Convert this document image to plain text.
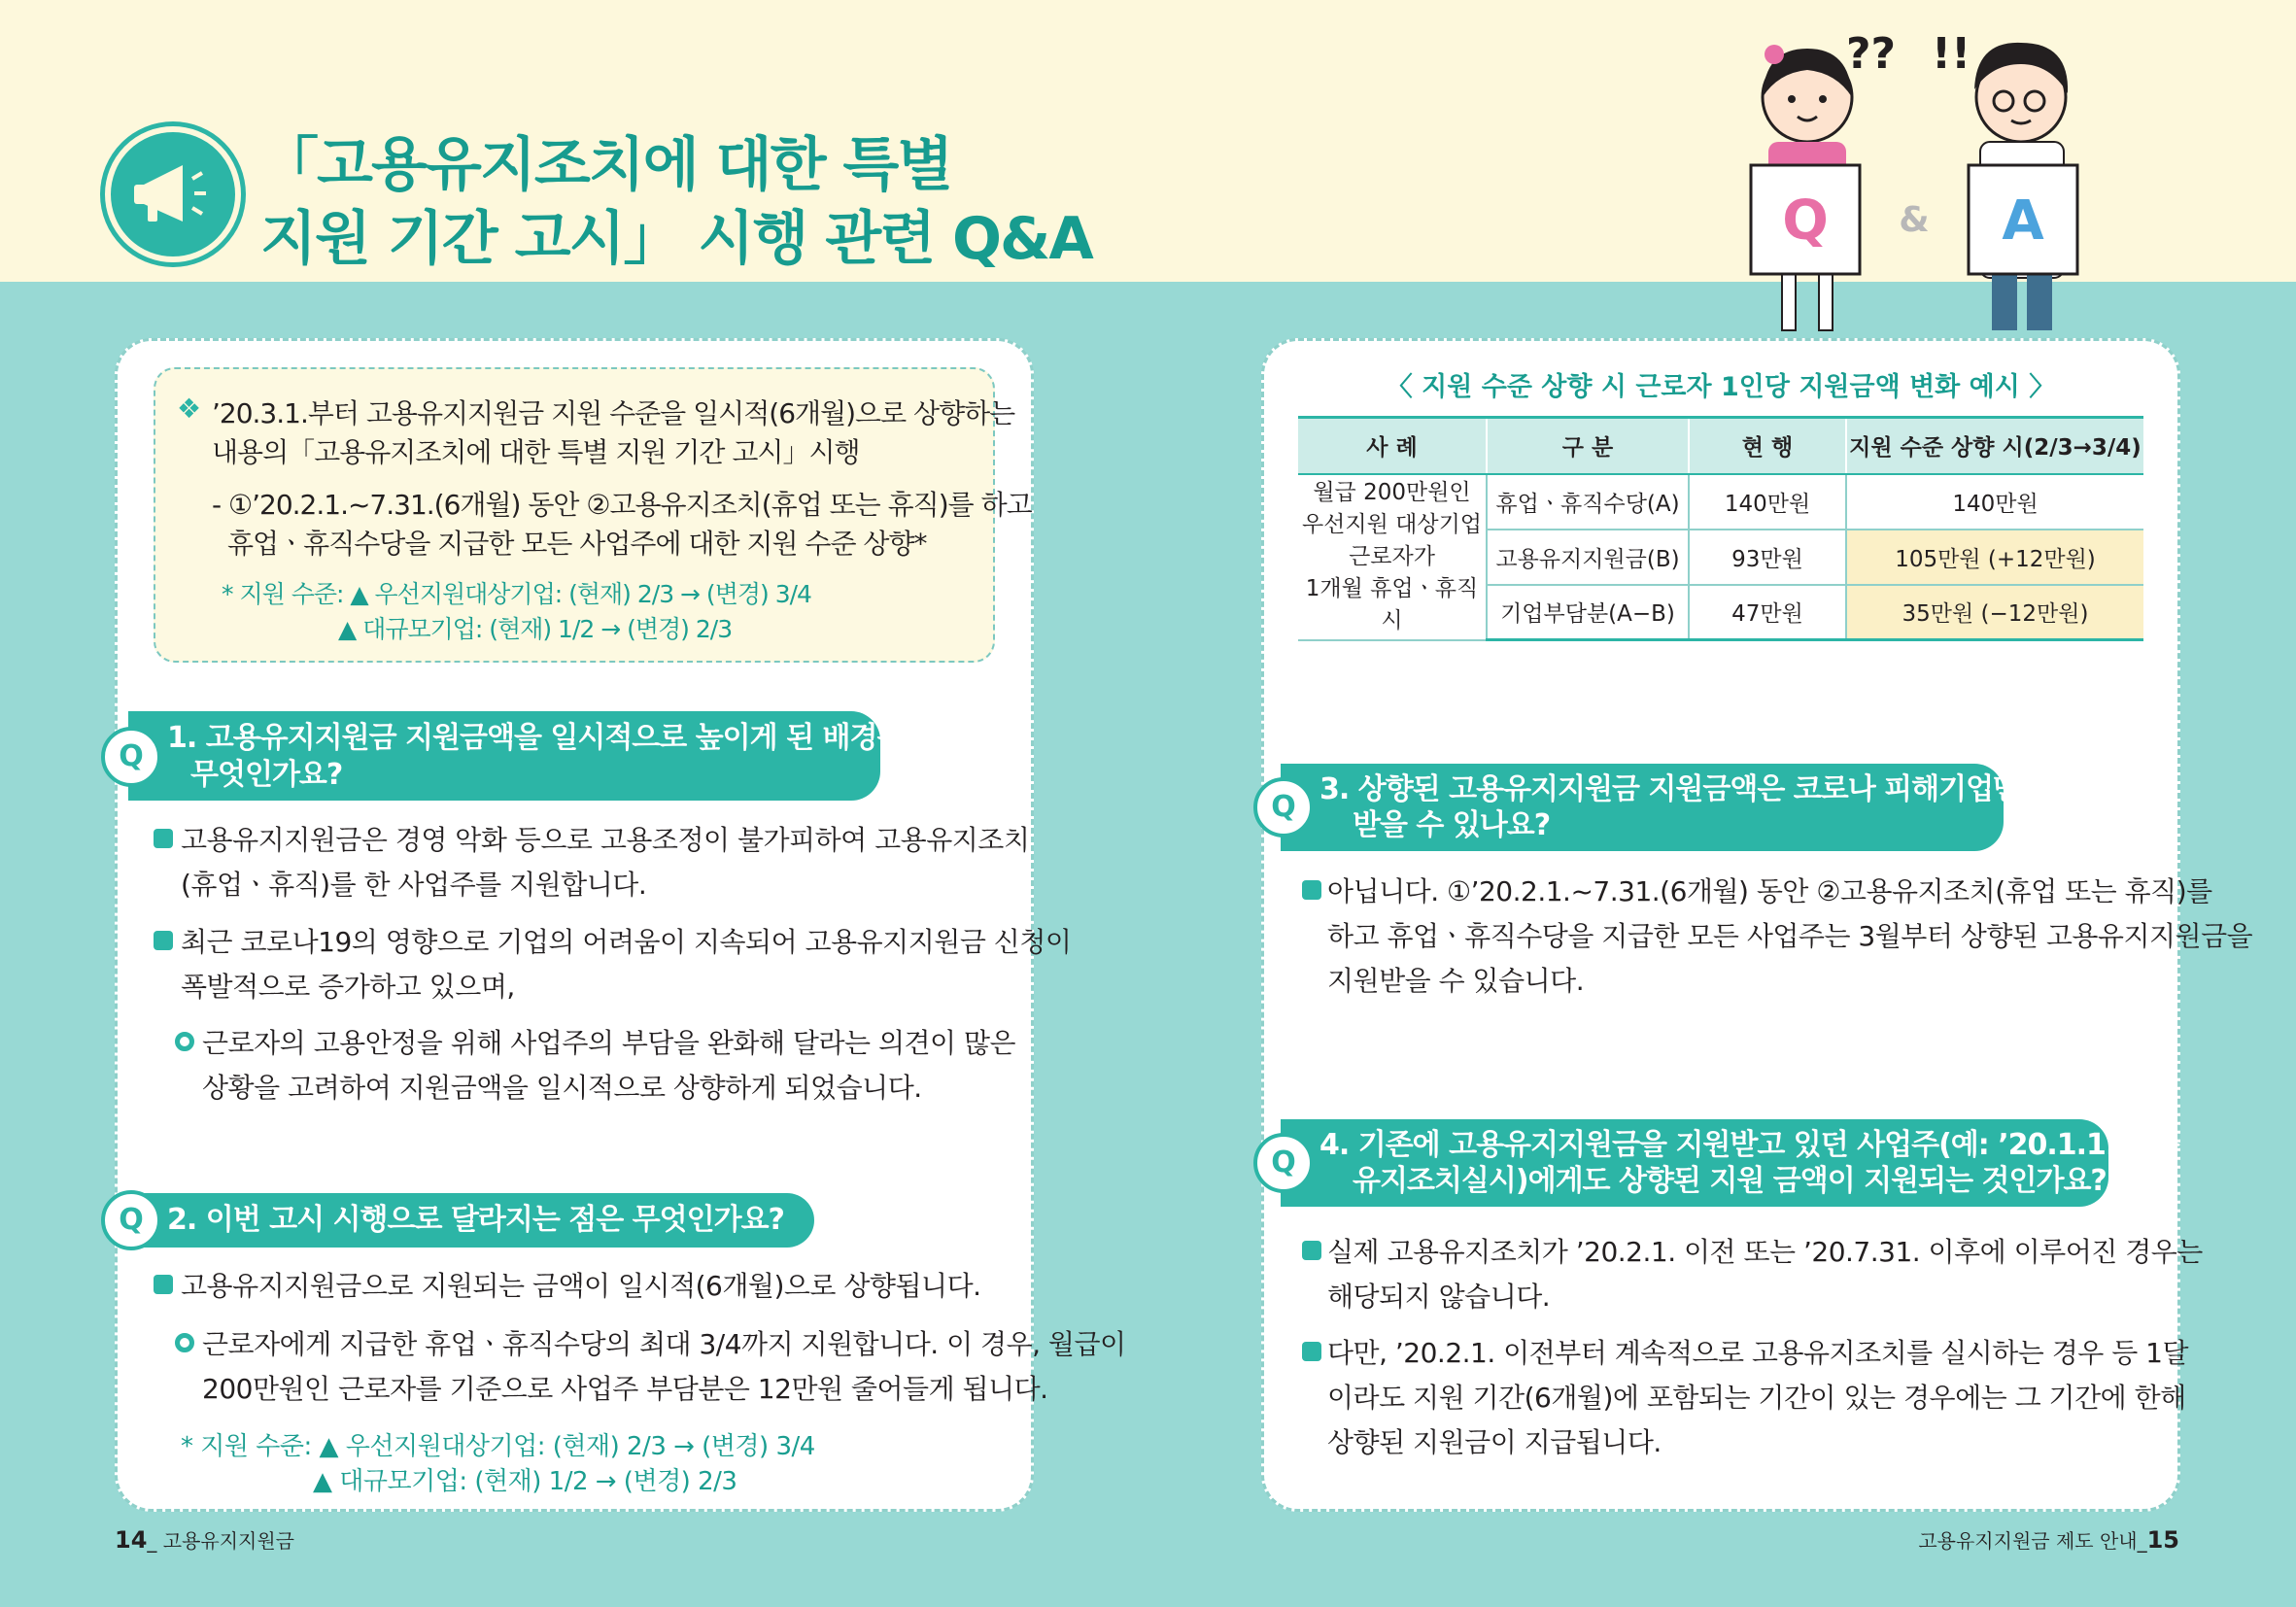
「고용유지조치에 대한 특별
지원 기간 고시」 시행 관련 Q&A
?? !!
Q & A
❖ ’20.3.1.부터 고용유지지원금 지원 수준을 일시적(6개월)으로 상향하는
내용의「고용유지조치에 대한 특별 지원 기간 고시」시행
- ①’20.2.1.~7.31.(6개월) 동안 ②고용유지조치(휴업 또는 휴직)를 하고
휴업ㆍ휴직수당을 지급한 모든 사업주에 대한 지원 수준 상향*
* 지원 수준: ▲ 우선지원대상기업: (현재) 2/3 → (변경) 3/4
▲ 대규모기업: (현재) 1/2 → (변경) 2/3
1. 고용유지지원금 지원금액을 일시적으로 높이게 된 배경은
무엇인가요?
Q
고용유지지원금은 경영 악화 등으로 고용조정이 불가피하여 고용유지조치
(휴업ㆍ휴직)를 한 사업주를 지원합니다.
최근 코로나19의 영향으로 기업의 어려움이 지속되어 고용유지지원금 신청이
폭발적으로 증가하고 있으며,
근로자의 고용안정을 위해 사업주의 부담을 완화해 달라는 의견이 많은
상황을 고려하여 지원금액을 일시적으로 상향하게 되었습니다.
2. 이번 고시 시행으로 달라지는 점은 무엇인가요?
Q
고용유지지원금으로 지원되는 금액이 일시적(6개월)으로 상향됩니다.
근로자에게 지급한 휴업ㆍ휴직수당의 최대 3/4까지 지원합니다. 이 경우, 월급이
200만원인 근로자를 기준으로 사업주 부담분은 12만원 줄어들게 됩니다.
* 지원 수준: ▲ 우선지원대상기업: (현재) 2/3 → (변경) 3/4
▲ 대규모기업: (현재) 1/2 → (변경) 2/3
〈 지원 수준 상향 시 근로자 1인당 지원금액 변화 예시 〉
사 례	구 분	현 행	지원 수준 상향 시(2/3→3/4)

월급 200만원인
우선지원 대상기업
근로자가
1개월 휴업ㆍ휴직시	휴업ㆍ휴직수당(A)	140만원	140만원
	고용유지지원금(B)	93만원	105만원 (+12만원)
	기업부담분(A−B)	47만원	35만원 (−12만원)
3. 상향된 고용유지지원금 지원금액은 코로나 피해기업만
받을 수 있나요?
Q
아닙니다. ①’20.2.1.~7.31.(6개월) 동안 ②고용유지조치(휴업 또는 휴직)를
하고 휴업ㆍ휴직수당을 지급한 모든 사업주는 3월부터 상향된 고용유지지원금을
지원받을 수 있습니다.
4. 기존에 고용유지지원금을 지원받고 있던 사업주(예: ’20.1.1. 고용
유지조치실시)에게도 상향된 지원 금액이 지원되는 것인가요?
Q
실제 고용유지조치가 ’20.2.1. 이전 또는 ’20.7.31. 이후에 이루어진 경우는
해당되지 않습니다.
다만, ’20.2.1. 이전부터 계속적으로 고용유지조치를 실시하는 경우 등 1달
이라도 지원 기간(6개월)에 포함되는 기간이 있는 경우에는 그 기간에 한해
상향된 지원금이 지급됩니다.
14_ 고용유지지원금	고용유지지원금 제도 안내_15
